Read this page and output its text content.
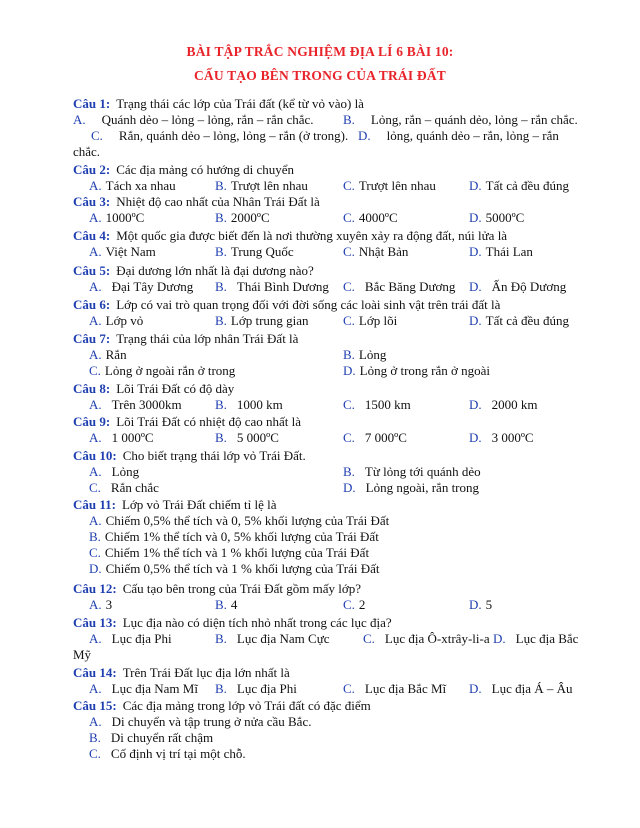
BÀI TẬP TRẮC NGHIỆM ĐỊA LÍ 6 BÀI 10:
CẤU TẠO BÊN TRONG CỦA TRÁI ĐẤT
Câu 1: Trạng thái các lớp của Trái đất (kể từ vỏ vào) là
A. Quánh dẻo – lỏng – lỏng, rắn – rắn chắc. B. Lỏng, rắn – quánh dẻo, lỏng – rắn chắc.
C. Rắn, quánh dẻo – lỏng, lỏng – rắn (ở trong). D. lỏng, quánh dẻo – rắn, lỏng – rắn
chắc.
Câu 2: Các địa mảng có hướng di chuyển
A. Tách xa nhau	B. Trượt lên nhau	C. Trượt lên nhau	D. Tất cả đều đúng
Câu 3: Nhiệt độ cao nhất của Nhân Trái Đất là
A. 1000ºC	B. 2000ºC	C. 4000ºC	D. 5000ºC
Câu 4: Một quốc gia được biết đến là nơi thường xuyên xảy ra động đất, núi lửa là
A. Việt Nam	B. Trung Quốc	C. Nhật Bản	D. Thái Lan
Câu 5: Đại dương lớn nhất là đại dương nào?
A. Đại Tây Dương B. Thái Bình Dương C. Bắc Băng Dương D. Ấn Độ Dương
Câu 6: Lớp có vai trò quan trọng đối với đời sống các loài sinh vật trên trái đất là
A. Lớp vỏ	B. Lớp trung gian	C. Lớp lõi	D. Tất cả đều đúng
Câu 7: Trạng thái của lớp nhân Trái Đất là
A. Rắn	B. Lỏng
C. Lỏng ở ngoài rắn ở trong	D. Lỏng ở trong rắn ở ngoài
Câu 8: Lõi Trái Đất có độ dày
A. Trên 3000km	B. 1000 km	C. 1500 km	D. 2000 km
Câu 9: Lõi Trái Đất có nhiệt độ cao nhất là
A. 1 000ºC	B. 5 000ºC	C. 7 000ºC	D. 3 000ºC
Câu 10: Cho biết trạng thái lớp vỏ Trái Đất.
A. Lỏng	B. Từ lỏng tới quánh dẻo
C. Rắn chắc	D. Lỏng ngoài, rắn trong
Câu 11: Lớp vỏ Trái Đất chiếm tỉ lệ là
A. Chiếm 0,5% thể tích và 0, 5% khối lượng của Trái Đất
B. Chiếm 1% thể tích và 0, 5% khối lượng của Trái Đất
C. Chiếm 1% thể tích và 1 % khối lượng của Trái Đất
D. Chiếm 0,5% thể tích và 1 % khối lượng của Trái Đất
Câu 12: Cấu tạo bên trong của Trái Đất gồm mấy lớp?
A. 3	B. 4	C. 2	D. 5
Câu 13: Lục địa nào có diện tích nhỏ nhất trong các lục địa?
A. Lục địa Phi	B. Lục địa Nam Cực	C. Lục địa Ô-xtrây-li-a D. Lục địa Bắc
Mỹ
Câu 14: Trên Trái Đất lục địa lớn nhất là
A. Lục địa Nam Mĩ B. Lục địa Phi	C. Lục địa Bắc Mĩ D. Lục địa Á – Âu
Câu 15: Các địa mảng trong lớp vỏ Trái đất có đặc điểm
A. Di chuyển và tập trung ở nửa cầu Bắc.
B. Di chuyển rất chậm
C. Cố định vị trí tại một chỗ.
